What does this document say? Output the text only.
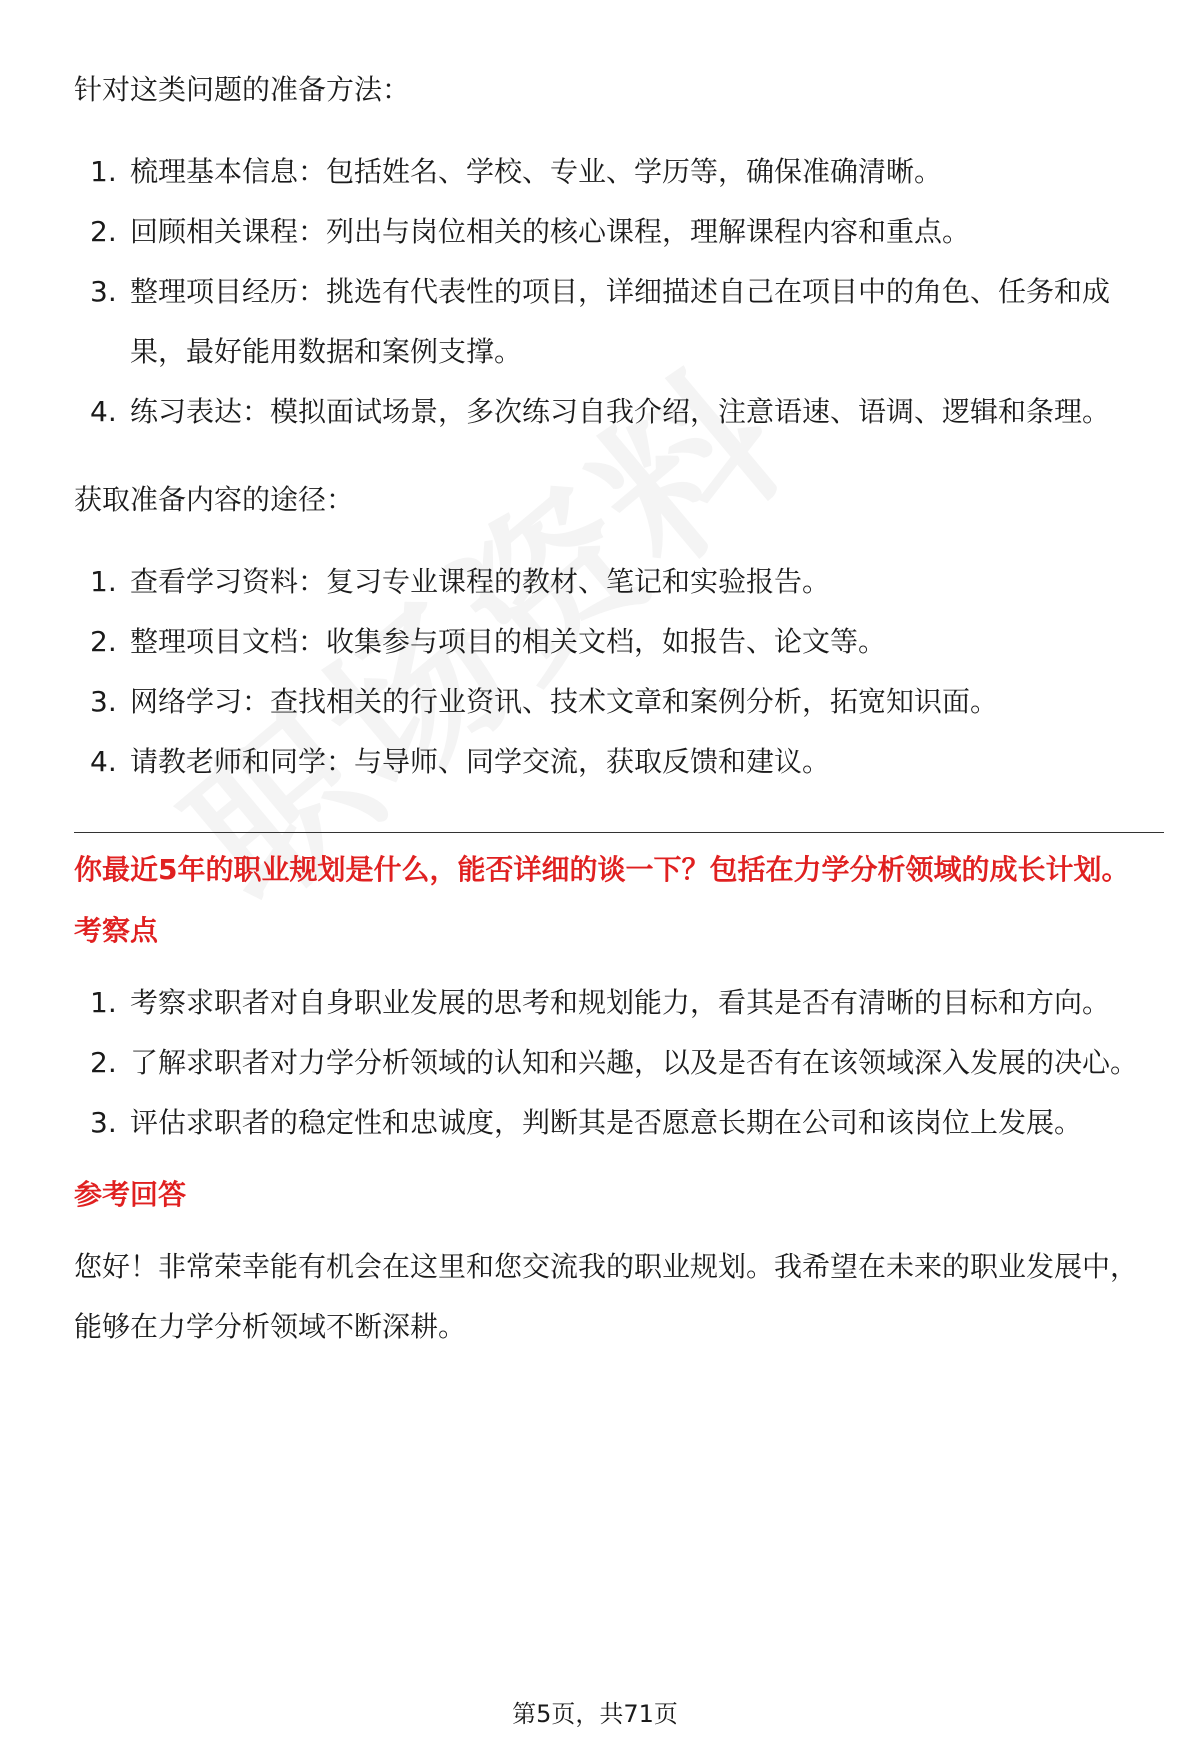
针对这类问题的准备方法：

1. 梳理基本信息：包括姓名、学校、专业、学历等，确保准确清晰。
2. 回顾相关课程：列出与岗位相关的核心课程，理解课程内容和重点。
3. 整理项目经历：挑选有代表性的项目，详细描述自己在项目中的角色、任务和成果，最好能用数据和案例支撑。
4. 练习表达：模拟面试场景，多次练习自我介绍，注意语速、语调、逻辑和条理。

获取准备内容的途径：

1. 查看学习资料：复习专业课程的教材、笔记和实验报告。
2. 整理项目文档：收集参与项目的相关文档，如报告、论文等。
3. 网络学习：查找相关的行业资讯、技术文章和案例分析，拓宽知识面。
4. 请教老师和同学：与导师、同学交流，获取反馈和建议。

你最近5年的职业规划是什么，能否详细的谈一下？包括在力学分析领域的成长计划。

考察点

1. 考察求职者对自身职业发展的思考和规划能力，看其是否有清晰的目标和方向。
2. 了解求职者对力学分析领域的认知和兴趣，以及是否有在该领域深入发展的决心。
3. 评估求职者的稳定性和忠诚度，判断其是否愿意长期在公司和该岗位上发展。

参考回答

您好！非常荣幸能有机会在这里和您交流我的职业规划。我希望在未来的职业发展中，能够在力学分析领域不断深耕。

第5页，共71页
